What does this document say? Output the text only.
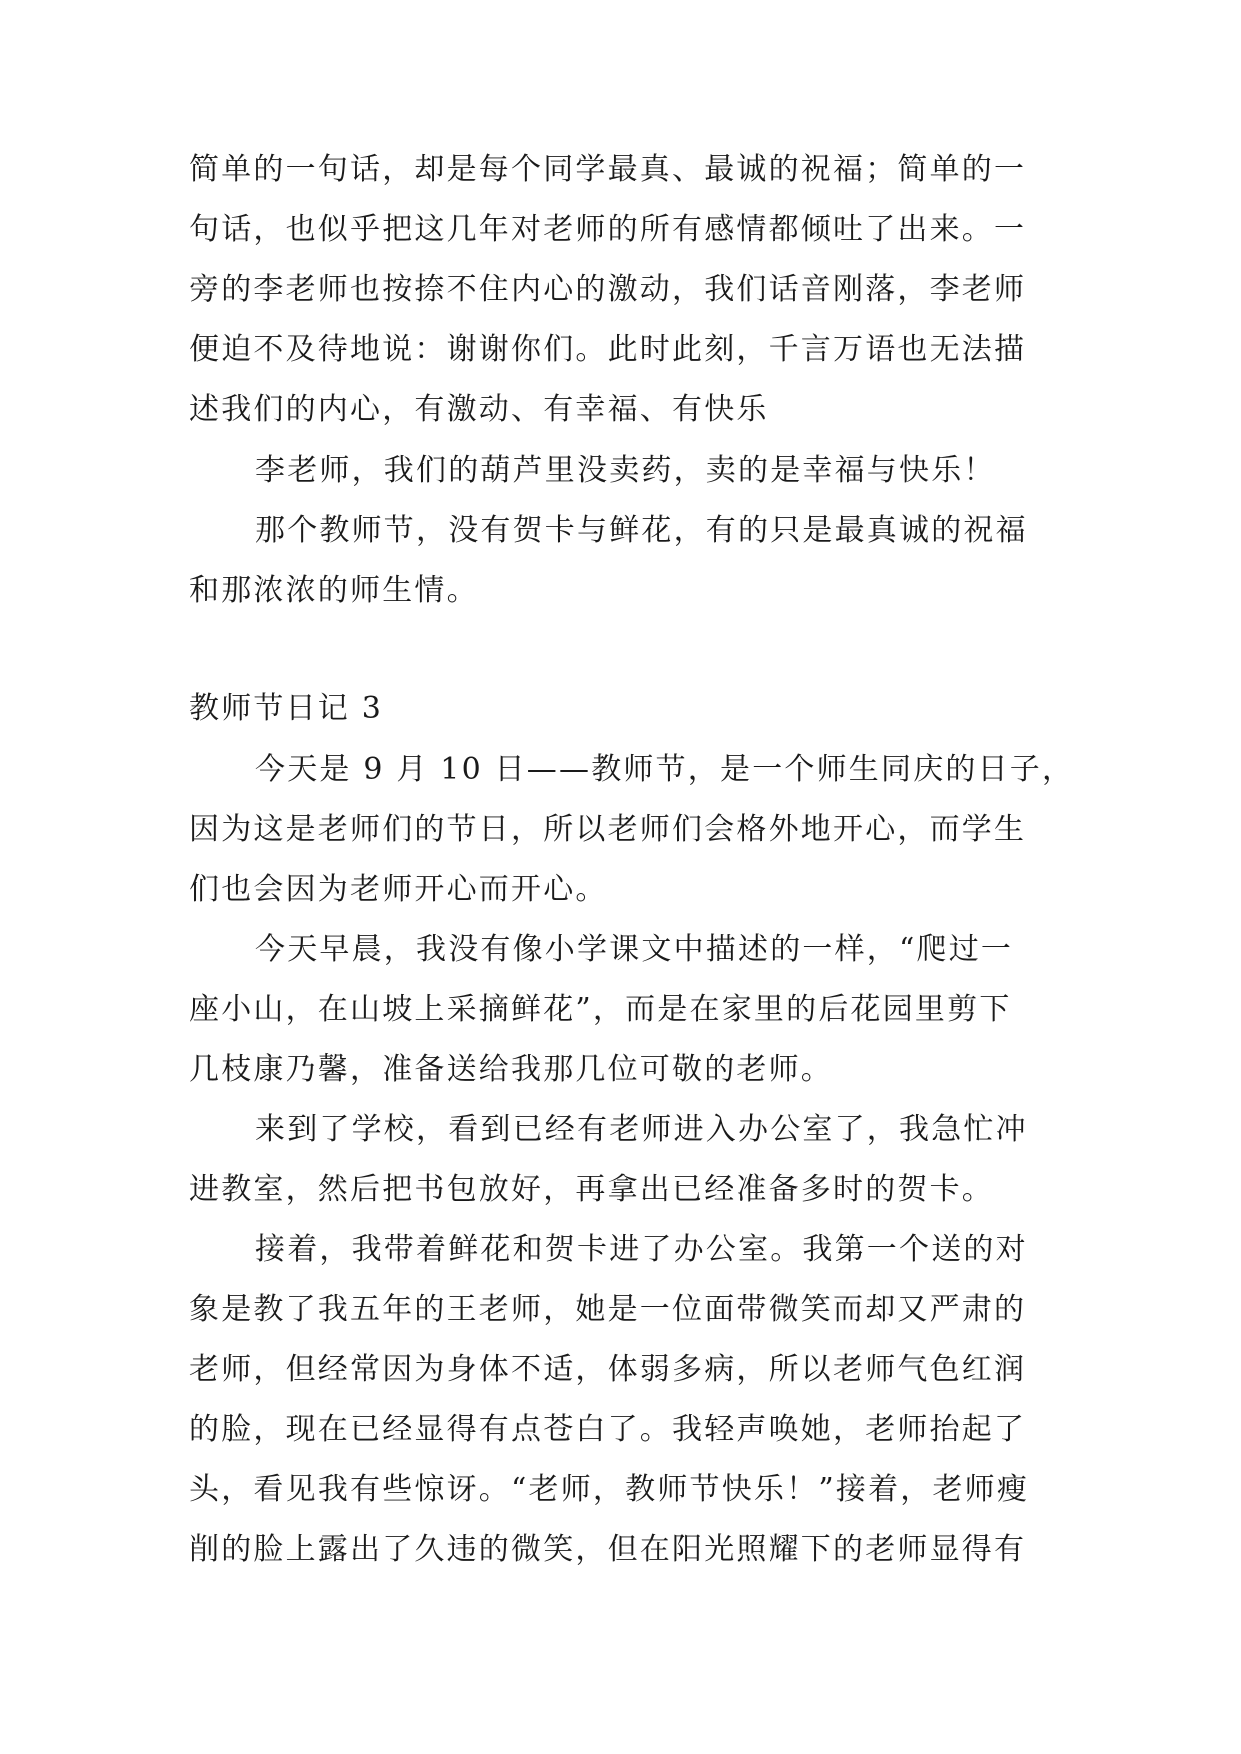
简单的一句话，却是每个同学最真、最诚的祝福；简单的一
句话，也似乎把这几年对老师的所有感情都倾吐了出来。一
旁的李老师也按捺不住内心的激动，我们话音刚落，李老师
便迫不及待地说：谢谢你们。此时此刻，千言万语也无法描
述我们的内心，有激动、有幸福、有快乐
李老师，我们的葫芦里没卖药，卖的是幸福与快乐！
那个教师节，没有贺卡与鲜花，有的只是最真诚的祝福
和那浓浓的师生情。
教师节日记 3
今天是 9 月 10 日——教师节，是一个师生同庆的日子，
因为这是老师们的节日，所以老师们会格外地开心，而学生
们也会因为老师开心而开心。
今天早晨，我没有像小学课文中描述的一样，“爬过一
座小山，在山坡上采摘鲜花”，而是在家里的后花园里剪下
几枝康乃馨，准备送给我那几位可敬的老师。
来到了学校，看到已经有老师进入办公室了，我急忙冲
进教室，然后把书包放好，再拿出已经准备多时的贺卡。
接着，我带着鲜花和贺卡进了办公室。我第一个送的对
象是教了我五年的王老师，她是一位面带微笑而却又严肃的
老师，但经常因为身体不适，体弱多病，所以老师气色红润
的脸，现在已经显得有点苍白了。我轻声唤她，老师抬起了
头，看见我有些惊讶。“老师，教师节快乐！”接着，老师瘦
削的脸上露出了久违的微笑，但在阳光照耀下的老师显得有
